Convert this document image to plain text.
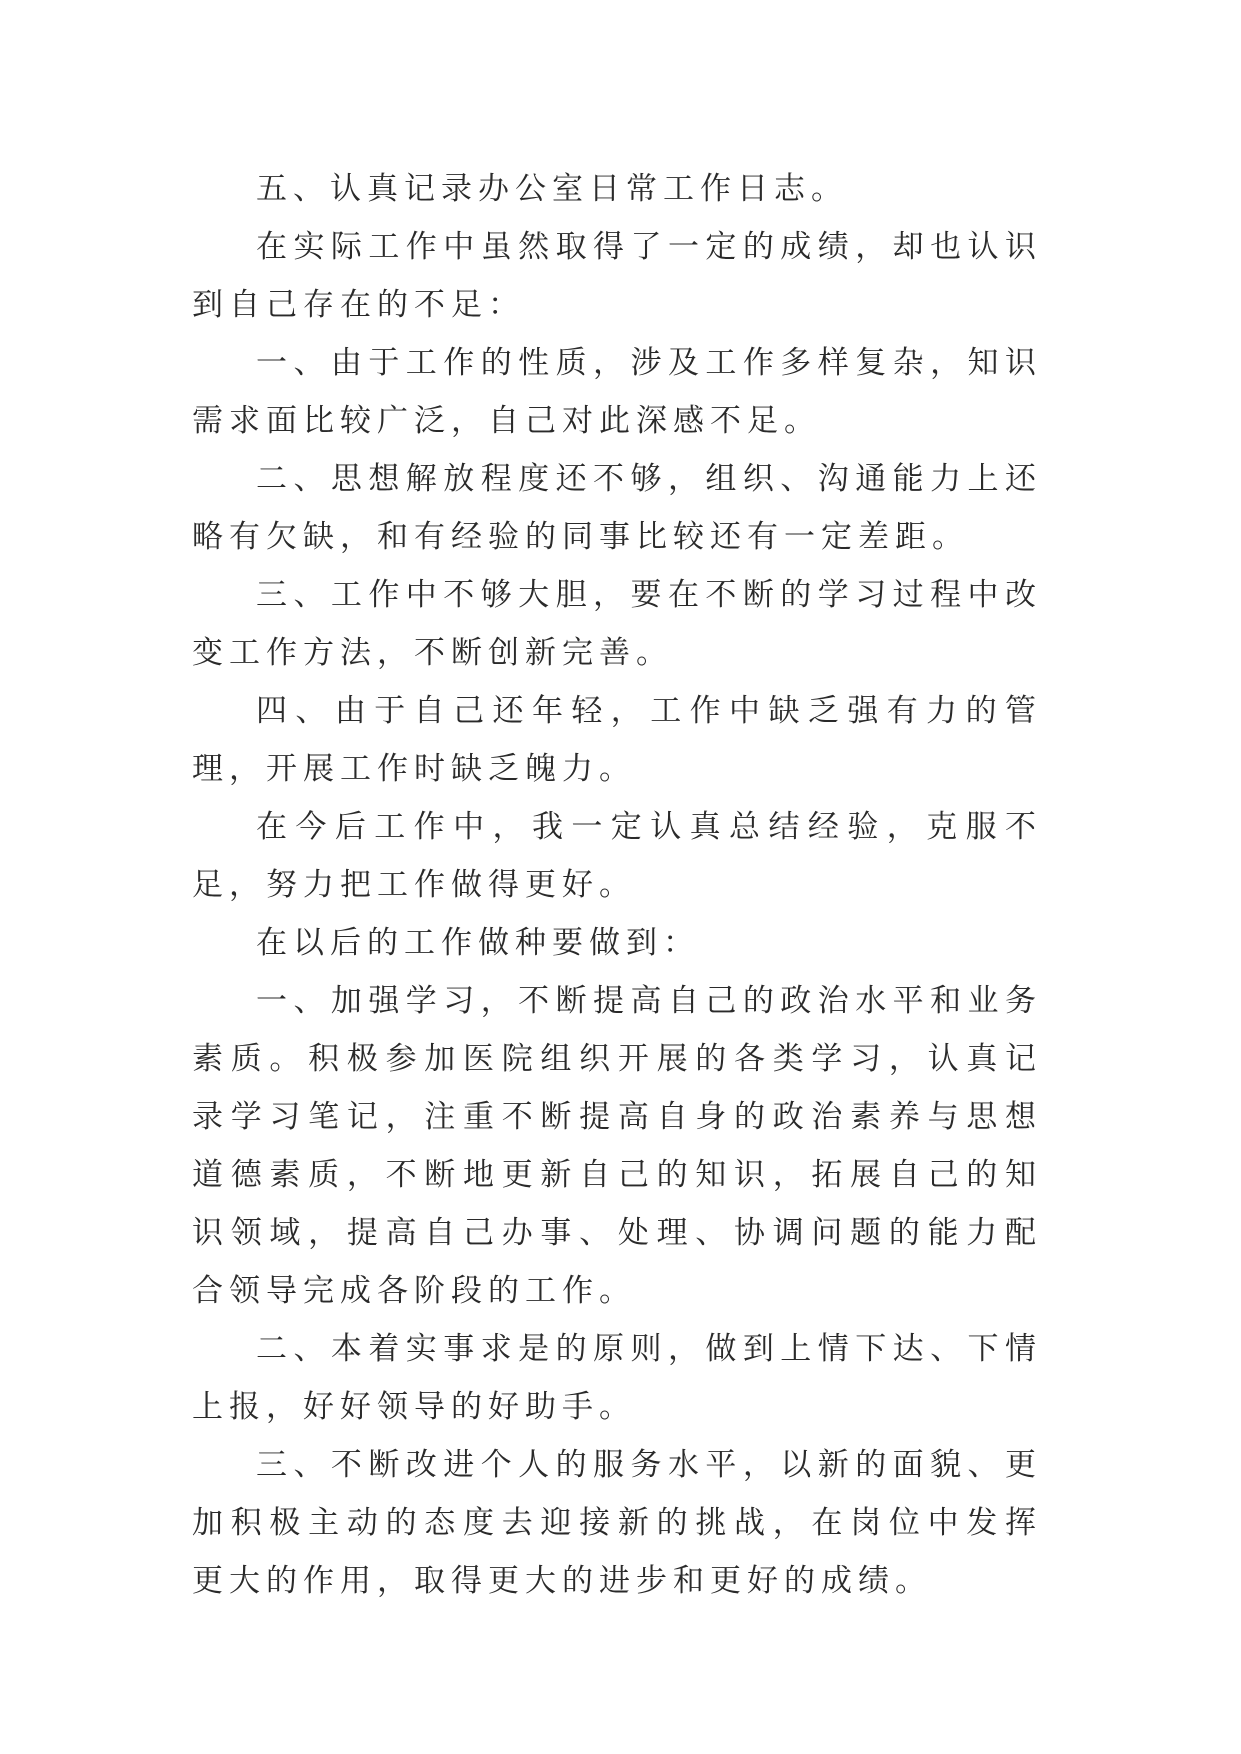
五、认真记录办公室日常工作日志。

在实际工作中虽然取得了一定的成绩，却也认识到自己存在的不足：

一、由于工作的性质，涉及工作多样复杂，知识需求面比较广泛，自己对此深感不足。

二、思想解放程度还不够，组织、沟通能力上还略有欠缺，和有经验的同事比较还有一定差距。

三、工作中不够大胆，要在不断的学习过程中改变工作方法，不断创新完善。

四、由于自己还年轻，工作中缺乏强有力的管理，开展工作时缺乏魄力。

在今后工作中，我一定认真总结经验，克服不足，努力把工作做得更好。

在以后的工作做种要做到：

一、加强学习，不断提高自己的政治水平和业务素质。积极参加医院组织开展的各类学习，认真记录学习笔记，注重不断提高自身的政治素养与思想道德素质，不断地更新自己的知识，拓展自己的知识领域，提高自己办事、处理、协调问题的能力配合领导完成各阶段的工作。

二、本着实事求是的原则，做到上情下达、下情上报，好好领导的好助手。

三、不断改进个人的服务水平，以新的面貌、更加积极主动的态度去迎接新的挑战，在岗位中发挥更大的作用，取得更大的进步和更好的成绩。
